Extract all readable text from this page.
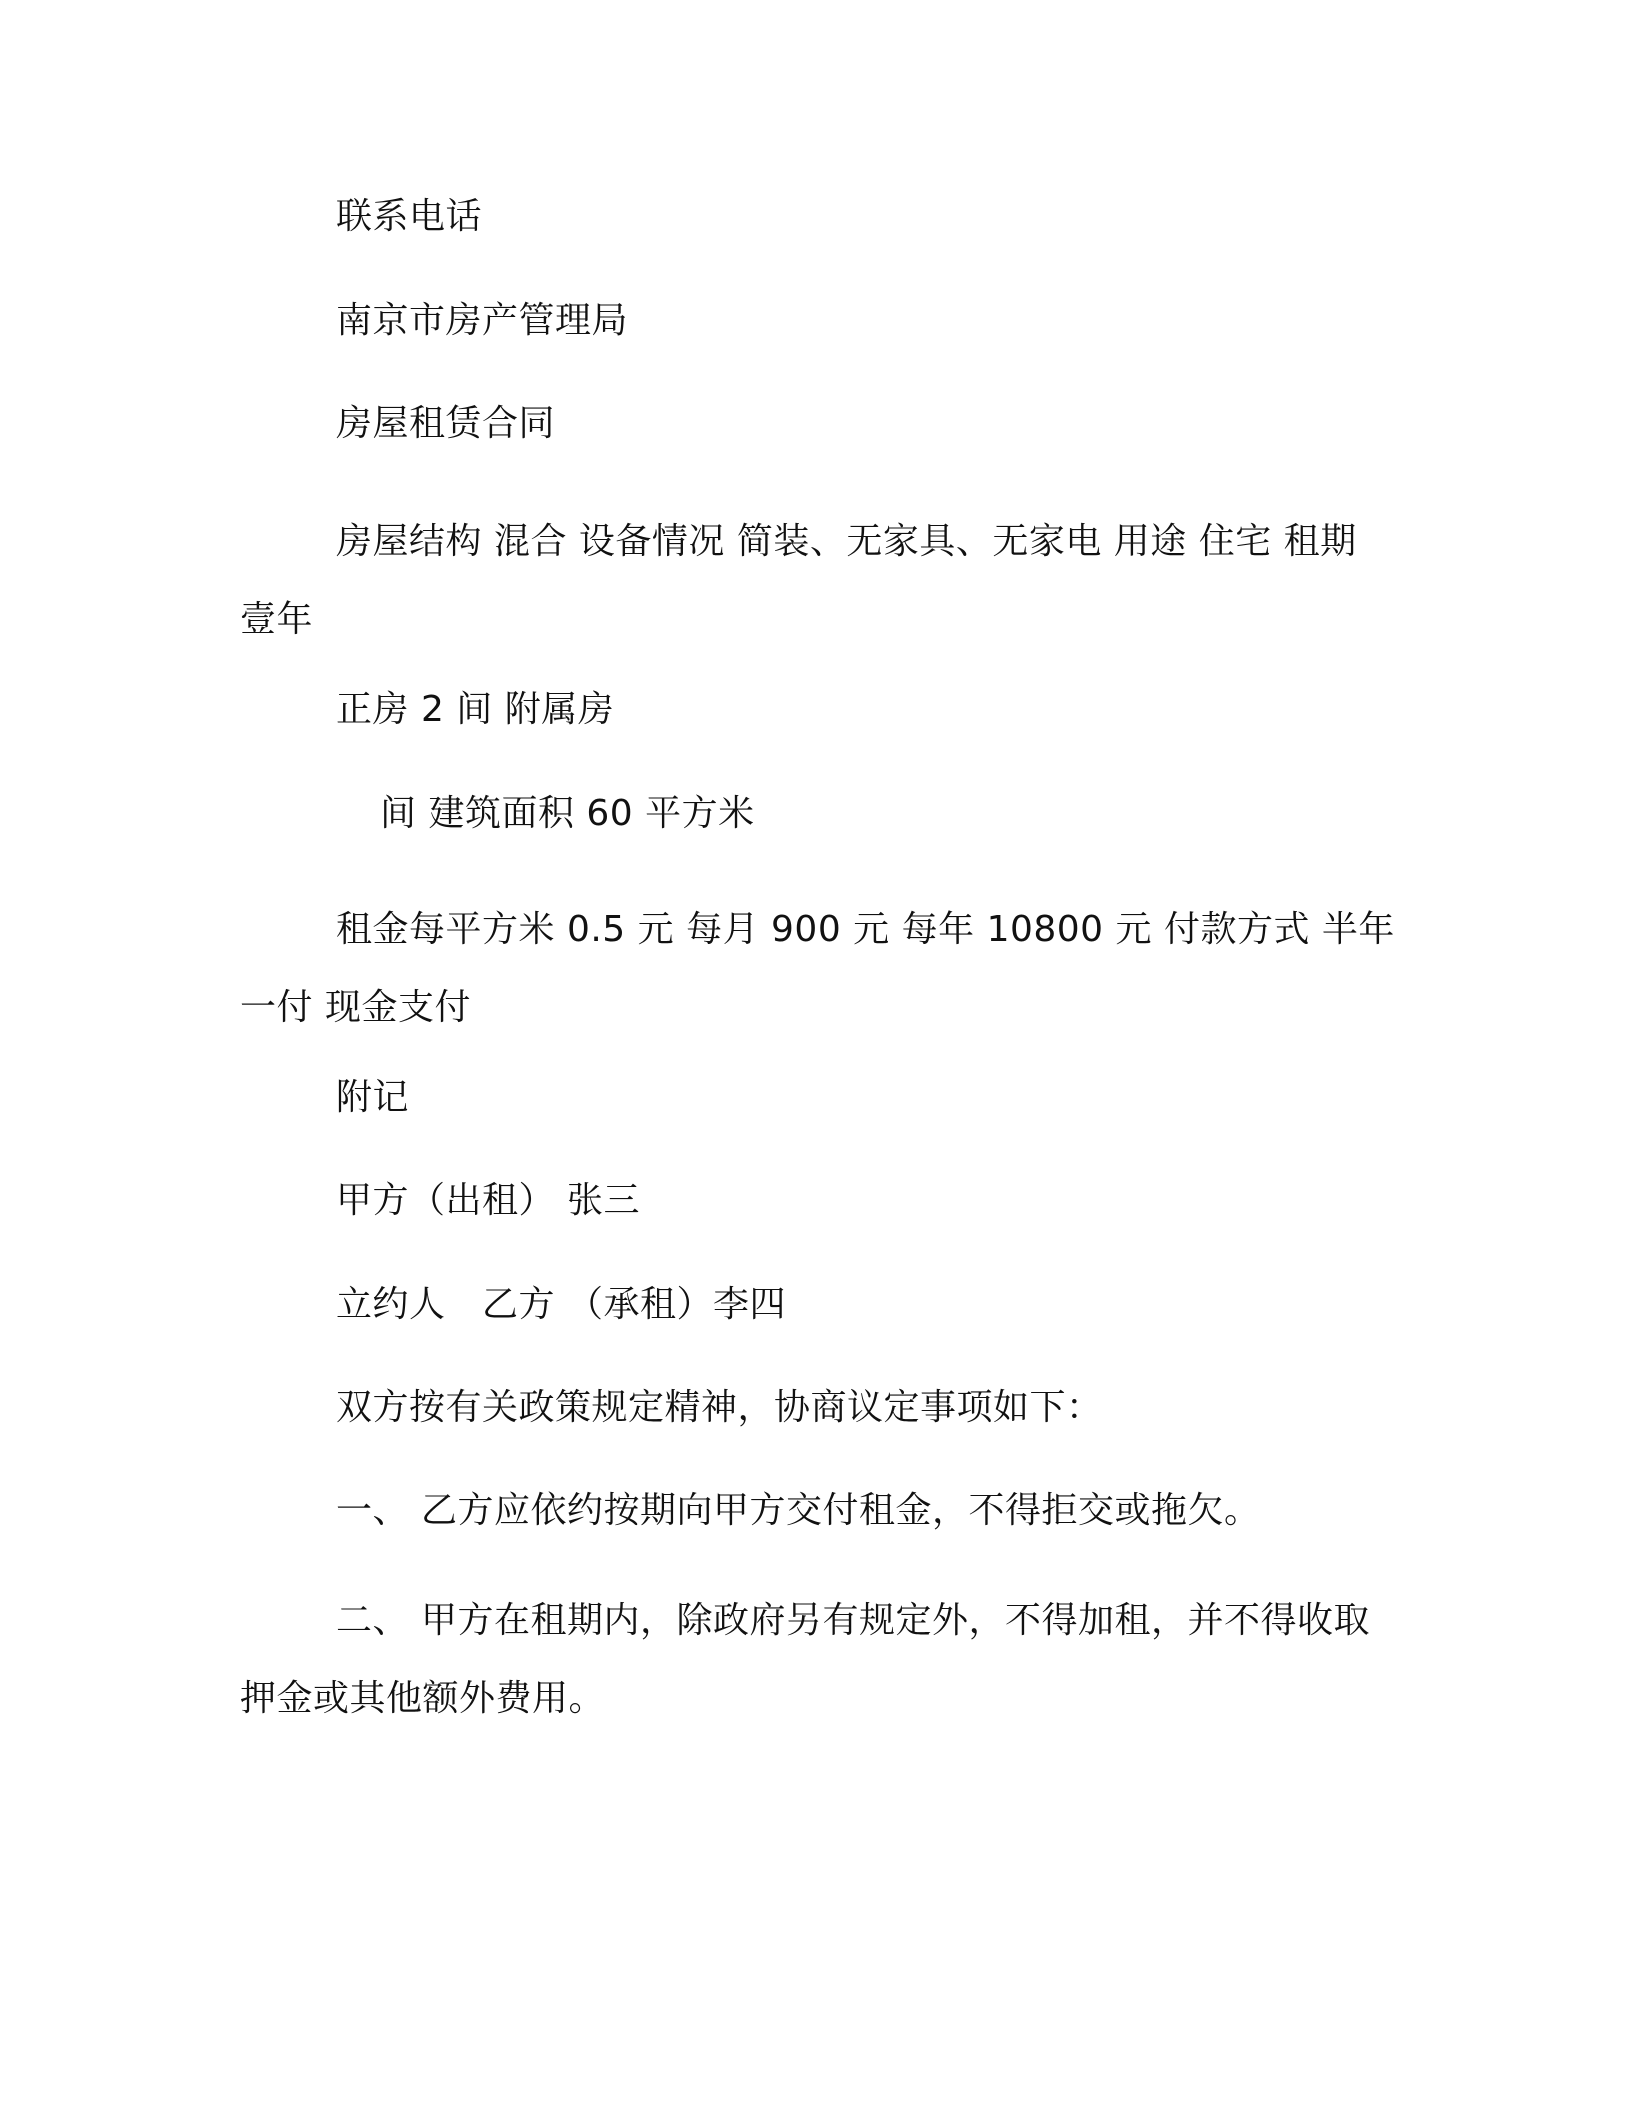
联系电话
南京市房产管理局
房屋租赁合同

房屋结构 混合 设备情况 简装、无家具、无家电 用途 住宅 租期 壹年

正房 2 间 附属房
间 建筑面积 60 平方米

租金每平方米 0.5 元 每月 900 元 每年 10800 元 付款方式 半年一付 现金支付

附记
甲方（出租） 张三
立约人　乙方 （承租）李四
双方按有关政策规定精神，协商议定事项如下：
一、 乙方应依约按期向甲方交付租金，不得拒交或拖欠。

二、 甲方在租期内，除政府另有规定外，不得加租，并不得收取押金或其他额外费用。
